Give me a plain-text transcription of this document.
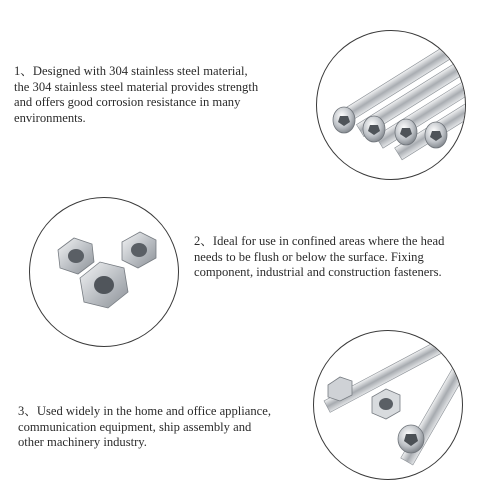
1、Designed with 304 stainless steel material,
the 304 stainless steel material provides strength
and offers good corrosion resistance in many
environments.
2、Ideal for use in confined areas where the head
needs to be flush or below the surface. Fixing
component, industrial and construction fasteners.
3、Used widely in the home and office appliance,
communication equipment, ship assembly and
other machinery industry.
